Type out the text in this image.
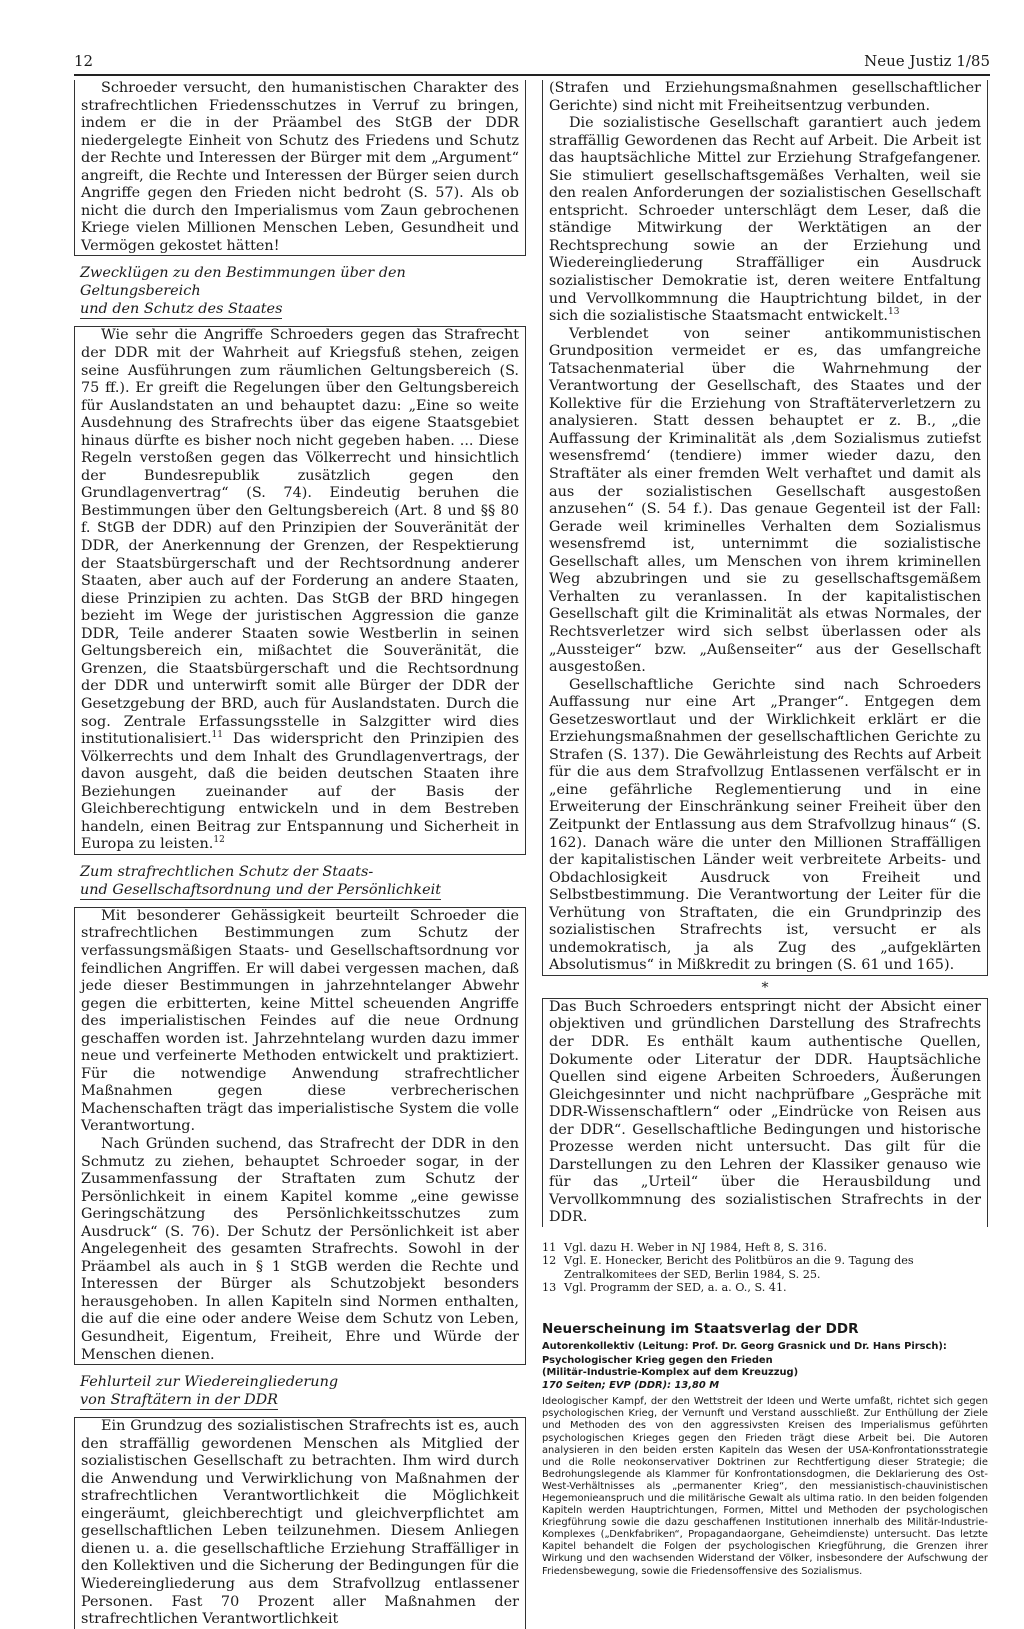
12	Neue Justiz 1/85

Schroeder versucht, den humanistischen Charakter des strafrechtlichen Friedensschutzes in Verruf zu bringen, indem er die in der Präambel des StGB der DDR niedergelegte Einheit von Schutz des Friedens und Schutz der Rechte und Interessen der Bürger mit dem „Argument“ angreift, die Rechte und Interessen der Bürger seien durch Angriffe gegen den Frieden nicht bedroht (S. 57). Als ob nicht die durch den Imperialismus vom Zaun gebrochenen Kriege vielen Millionen Menschen Leben, Gesundheit und Vermögen gekostet hätten!

Zwecklügen zu den Bestimmungen über den Geltungsbereich
und den Schutz des Staates

Wie sehr die Angriffe Schroeders gegen das Strafrecht der DDR mit der Wahrheit auf Kriegsfuß stehen, zeigen seine Ausführungen zum räumlichen Geltungsbereich (S. 75 ff.). Er greift die Regelungen über den Geltungsbereich für Auslandstaten an und behauptet dazu: „Eine so weite Ausdehnung des Strafrechts über das eigene Staatsgebiet hinaus dürfte es bisher noch nicht gegeben haben. ... Diese Regeln verstoßen gegen das Völkerrecht und hinsichtlich der Bundesrepublik zusätzlich gegen den Grundlagenvertrag“ (S. 74). Eindeutig beruhen die Bestimmungen über den Geltungsbereich (Art. 8 und §§ 80 f. StGB der DDR) auf den Prinzipien der Souveränität der DDR, der Anerkennung der Grenzen, der Respektierung der Staatsbürgerschaft und der Rechtsordnung anderer Staaten, aber auch auf der Forderung an andere Staaten, diese Prinzipien zu achten. Das StGB der BRD hingegen bezieht im Wege der juristischen Aggression die ganze DDR, Teile anderer Staaten sowie Westberlin in seinen Geltungsbereich ein, mißachtet die Souveränität, die Grenzen, die Staatsbürgerschaft und die Rechtsordnung der DDR und unterwirft somit alle Bürger der DDR der Gesetzgebung der BRD, auch für Auslandstaten. Durch die sog. Zentrale Erfassungsstelle in Salzgitter wird dies institutionalisiert.$^{11}$ Das widerspricht den Prinzipien des Völkerrechts und dem Inhalt des Grundlagenvertrags, der davon ausgeht, daß die beiden deutschen Staaten ihre Beziehungen zueinander auf der Basis der Gleichberechtigung entwickeln und in dem Bestreben handeln, einen Beitrag zur Entspannung und Sicherheit in Europa zu leisten.$^{12}$

Zum strafrechtlichen Schutz der Staats-
und Gesellschaftsordnung und der Persönlichkeit

Mit besonderer Gehässigkeit beurteilt Schroeder die strafrechtlichen Bestimmungen zum Schutz der verfassungsmäßigen Staats- und Gesellschaftsordnung vor feindlichen Angriffen. Er will dabei vergessen machen, daß jede dieser Bestimmungen in jahrzehntelanger Abwehr gegen die erbitterten, keine Mittel scheuenden Angriffe des imperialistischen Feindes auf die neue Ordnung geschaffen worden ist. Jahrzehntelang wurden dazu immer neue und verfeinerte Methoden entwickelt und praktiziert. Für die notwendige Anwendung strafrechtlicher Maßnahmen gegen diese verbrecherischen Machenschaften trägt das imperialistische System die volle Verantwortung.

Nach Gründen suchend, das Strafrecht der DDR in den Schmutz zu ziehen, behauptet Schroeder sogar, in der Zusammenfassung der Straftaten zum Schutz der Persönlichkeit in einem Kapitel komme „eine gewisse Geringschätzung des Persönlichkeitsschutzes zum Ausdruck“ (S. 76). Der Schutz der Persönlichkeit ist aber Angelegenheit des gesamten Strafrechts. Sowohl in der Präambel als auch in § 1 StGB werden die Rechte und Interessen der Bürger als Schutzobjekt besonders herausgehoben. In allen Kapiteln sind Normen enthalten, die auf die eine oder andere Weise dem Schutz von Leben, Gesundheit, Eigentum, Freiheit, Ehre und Würde der Menschen dienen.

Fehlurteil zur Wiedereingliederung
von Straftätern in der DDR

Ein Grundzug des sozialistischen Strafrechts ist es, auch den straffällig gewordenen Menschen als Mitglied der sozialistischen Gesellschaft zu betrachten. Ihm wird durch die Anwendung und Verwirklichung von Maßnahmen der strafrechtlichen Verantwortlichkeit die Möglichkeit eingeräumt, gleichberechtigt und gleichverpflichtet am gesellschaftlichen Leben teilzunehmen. Diesem Anliegen dienen u. a. die gesellschaftliche Erziehung Straffälliger in den Kollektiven und die Sicherung der Bedingungen für die Wiedereingliederung aus dem Strafvollzug entlassener Personen. Fast 70 Prozent aller Maßnahmen der strafrechtlichen Verantwortlichkeit

(Strafen und Erziehungsmaßnahmen gesellschaftlicher Gerichte) sind nicht mit Freiheitsentzug verbunden.

Die sozialistische Gesellschaft garantiert auch jedem straffällig Gewordenen das Recht auf Arbeit. Die Arbeit ist das hauptsächliche Mittel zur Erziehung Strafgefangener. Sie stimuliert gesellschaftsgemäßes Verhalten, weil sie den realen Anforderungen der sozialistischen Gesellschaft entspricht. Schroeder unterschlägt dem Leser, daß die ständige Mitwirkung der Werktätigen an der Rechtsprechung sowie an der Erziehung und Wiedereingliederung Straffälliger ein Ausdruck sozialistischer Demokratie ist, deren weitere Entfaltung und Vervollkommnung die Hauptrichtung bildet, in der sich die sozialistische Staatsmacht entwickelt.$^{13}$

Verblendet von seiner antikommunistischen Grundposition vermeidet er es, das umfangreiche Tatsachenmaterial über die Wahrnehmung der Verantwortung der Gesellschaft, des Staates und der Kollektive für die Erziehung von Straftäterverletzern zu analysieren. Statt dessen behauptet er z. B., „die Auffassung der Kriminalität als ‚dem Sozialismus zutiefst wesensfremd‘ (tendiere) immer wieder dazu, den Straftäter als einer fremden Welt verhaftet und damit als aus der sozialistischen Gesellschaft ausgestoßen anzusehen“ (S. 54 f.). Das genaue Gegenteil ist der Fall: Gerade weil kriminelles Verhalten dem Sozialismus wesensfremd ist, unternimmt die sozialistische Gesellschaft alles, um Menschen von ihrem kriminellen Weg abzubringen und sie zu gesellschaftsgemäßem Verhalten zu veranlassen. In der kapitalistischen Gesellschaft gilt die Kriminalität als etwas Normales, der Rechtsverletzer wird sich selbst überlassen oder als „Aussteiger“ bzw. „Außenseiter“ aus der Gesellschaft ausgestoßen.

Gesellschaftliche Gerichte sind nach Schroeders Auffassung nur eine Art „Pranger“. Entgegen dem Gesetzeswortlaut und der Wirklichkeit erklärt er die Erziehungsmaßnahmen der gesellschaftlichen Gerichte zu Strafen (S. 137). Die Gewährleistung des Rechts auf Arbeit für die aus dem Strafvollzug Entlassenen verfälscht er in „eine gefährliche Reglementierung und in eine Erweiterung der Einschränkung seiner Freiheit über den Zeitpunkt der Entlassung aus dem Strafvollzug hinaus“ (S. 162). Danach wäre die unter den Millionen Straffälligen der kapitalistischen Länder weit verbreitete Arbeits- und Obdachlosigkeit Ausdruck von Freiheit und Selbstbestimmung. Die Verantwortung der Leiter für die Verhütung von Straftaten, die ein Grundprinzip des sozialistischen Strafrechts ist, versucht er als undemokratisch, ja als Zug des „aufgeklärten Absolutismus“ in Mißkredit zu bringen (S. 61 und 165).

*

Das Buch Schroeders entspringt nicht der Absicht einer objektiven und gründlichen Darstellung des Strafrechts der DDR. Es enthält kaum authentische Quellen, Dokumente oder Literatur der DDR. Hauptsächliche Quellen sind eigene Arbeiten Schroeders, Äußerungen Gleichgesinnter und nicht nachprüfbare „Gespräche mit DDR-Wissenschaftlern“ oder „Eindrücke von Reisen aus der DDR“. Gesellschaftliche Bedingungen und historische Prozesse werden nicht untersucht. Das gilt für die Darstellungen zu den Lehren der Klassiker genauso wie für das „Urteil“ über die Herausbildung und Vervollkommnung des sozialistischen Strafrechts in der DDR.

11 Vgl. dazu H. Weber in NJ 1984, Heft 8, S. 316.
12 Vgl. E. Honecker, Bericht des Politbüros an die 9. Tagung des Zentralkomitees der SED, Berlin 1984, S. 25.
13 Vgl. Programm der SED, a. a. O., S. 41.
Neuerscheinung im Staatsverlag der DDR
Autorenkollektiv (Leitung: Prof. Dr. Georg Grasnick und Dr. Hans Pirsch):
Psychologischer Krieg gegen den Frieden
(Militär-Industrie-Komplex auf dem Kreuzzug)
170 Seiten; EVP (DDR): 13,80 M
Ideologischer Kampf, der den Wettstreit der Ideen und Werte umfaßt, richtet sich gegen psychologischen Krieg, der Vernunft und Verstand ausschließt. Zur Enthüllung der Ziele und Methoden des von den aggressivsten Kreisen des Imperialismus geführten psychologischen Krieges gegen den Frieden trägt diese Arbeit bei. Die Autoren analysieren in den beiden ersten Kapiteln das Wesen der USA-Konfrontationsstrategie und die Rolle neokonservativer Doktrinen zur Rechtfertigung dieser Strategie; die Bedrohungslegende als Klammer für Konfrontationsdogmen, die Deklarierung des Ost-West-Verhältnisses als „permanenter Krieg“, den messianistisch-chauvinistischen Hegemonieanspruch und die militärische Gewalt als ultima ratio. In den beiden folgenden Kapiteln werden Hauptrichtungen, Formen, Mittel und Methoden der psychologischen Kriegführung sowie die dazu geschaffenen Institutionen innerhalb des Militär-Industrie-Komplexes („Denkfabriken“, Propagandaorgane, Geheimdienste) untersucht. Das letzte Kapitel behandelt die Folgen der psychologischen Kriegführung, die Grenzen ihrer Wirkung und den wachsenden Widerstand der Völker, insbesondere der Aufschwung der Friedensbewegung, sowie die Friedensoffensive des Sozialismus.
